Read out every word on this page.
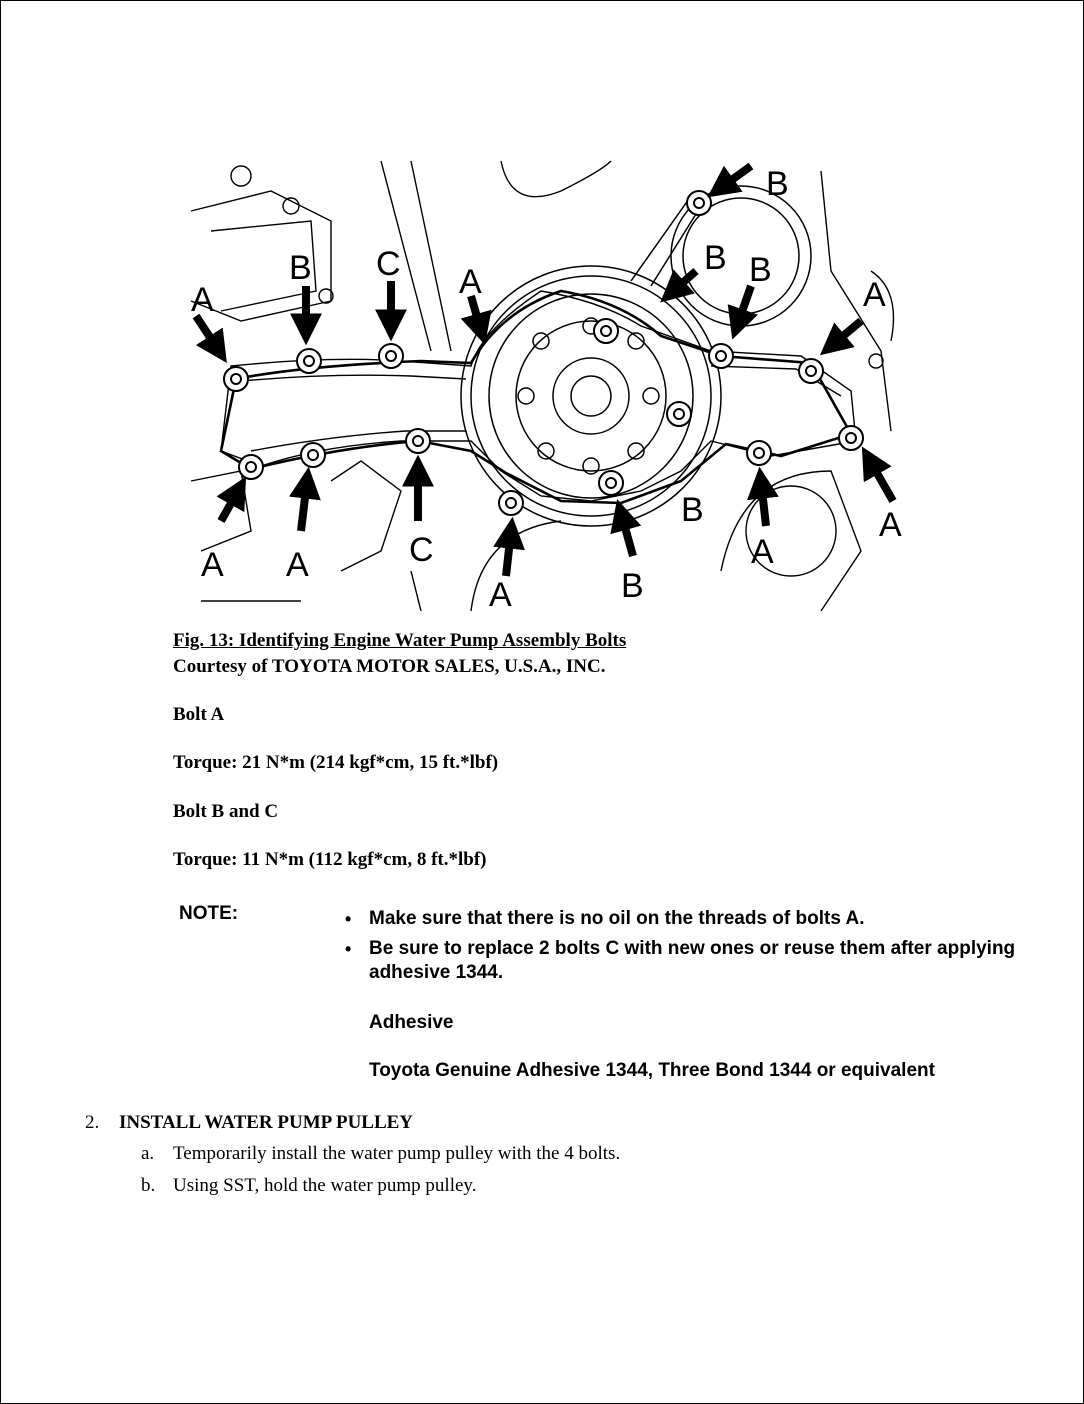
A
B C A
B
B B
A
A A	C
A
B
B
A
A
Fig. 13: Identifying Engine Water Pump Assembly Bolts
Courtesy of TOYOTA MOTOR SALES, U.S.A., INC.
Bolt A
Torque: 21 N*m (214 kgf*cm, 15 ft.*lbf)
Bolt B and C
Torque: 11 N*m (112 kgf*cm, 8 ft.*lbf)
NOTE:	• Make sure that there is no oil on the threads of bolts A.
• Be sure to replace 2 bolts C with new ones or reuse them after applying adhesive 1344.
Adhesive
Toyota Genuine Adhesive 1344, Three Bond 1344 or equivalent
2. INSTALL WATER PUMP PULLEY
a. Temporarily install the water pump pulley with the 4 bolts.
b. Using SST, hold the water pump pulley.
